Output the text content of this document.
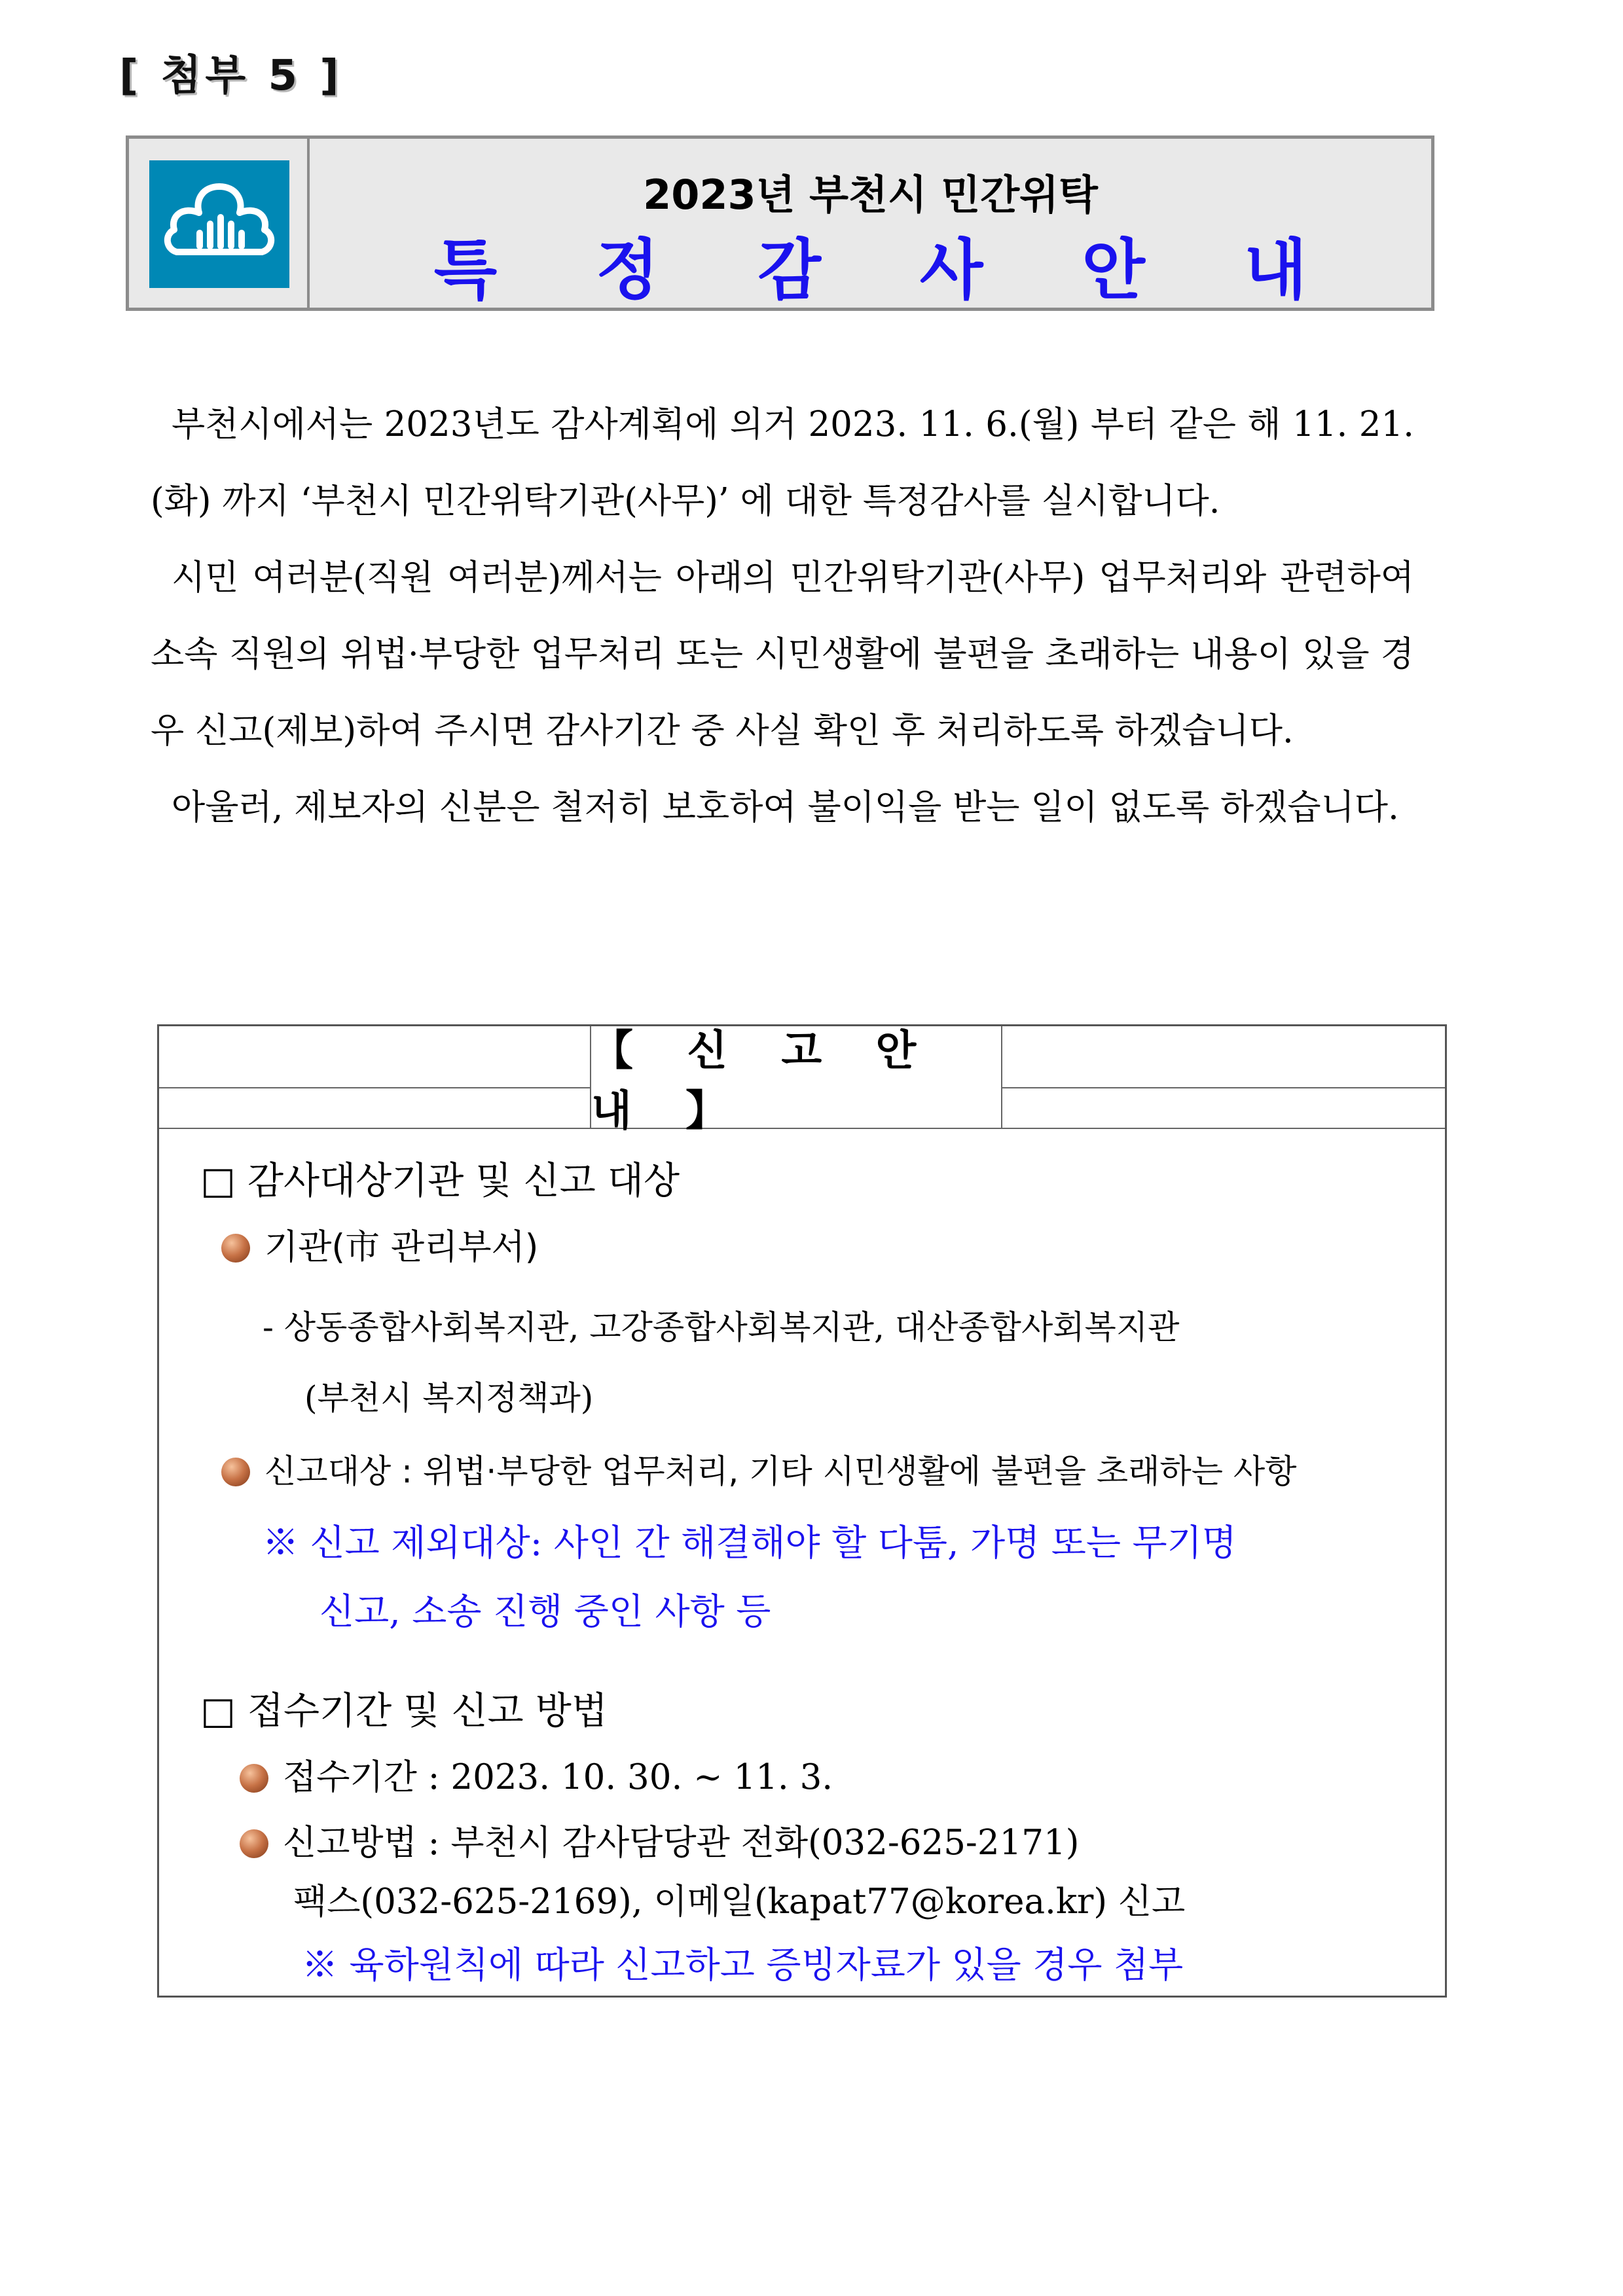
[ 첨부 5 ]
2023년 부천시 민간위탁
특 정 감 사 안 내

부천시에서는 2023년도 감사계획에 의거 2023. 11. 6.(월) 부터 같은 해 11. 21.(화) 까지 ‘부천시 민간위탁기관(사무)’ 에 대한 특정감사를 실시합니다.

시민 여러분(직원 여러분)께서는 아래의 민간위탁기관(사무) 업무처리와 관련하여 소속 직원의 위법·부당한 업무처리 또는 시민생활에 불편을 초래하는 내용이 있을 경우 신고(제보)하여 주시면 감사기간 중 사실 확인 후 처리하도록 하겠습니다.

아울러, 제보자의 신분은 철저히 보호하여 불이익을 받는 일이 없도록 하겠습니다.

【 신 고 안 내 】
□ 감사대상기관 및 신고 대상
기관(市 관리부서)
- 상동종합사회복지관, 고강종합사회복지관, 대산종합사회복지관
(부천시 복지정책과)
신고대상 : 위법·부당한 업무처리, 기타 시민생활에 불편을 초래하는 사항
※ 신고 제외대상: 사인 간 해결해야 할 다툼, 가명 또는 무기명
신고, 소송 진행 중인 사항 등
□ 접수기간 및 신고 방법
접수기간 : 2023. 10. 30. ~ 11. 3.
신고방법 : 부천시 감사담당관 전화(032-625-2171)
팩스(032-625-2169), 이메일(kapat77@korea.kr) 신고
※ 육하원칙에 따라 신고하고 증빙자료가 있을 경우 첨부
